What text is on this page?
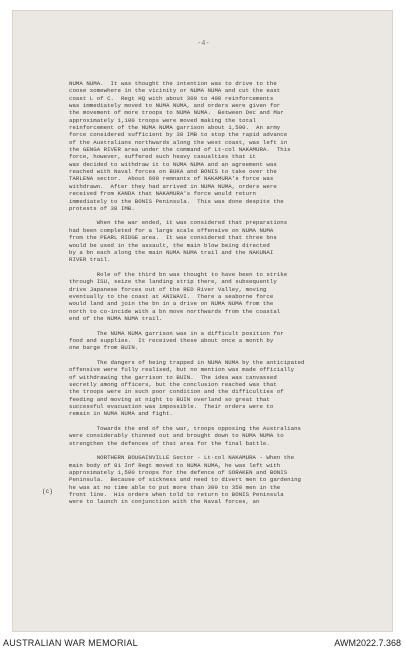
-4-

NUMA NUMA.  It was thought the intention was to drive to the
coose somewhere in the vicinity or NUMA NUMA and cut the east
coast L of C.  Regt HQ with about 300 to 400 reinforcements
was immediately moved to NUMA NUMA, and orders were given for
the movement of more troops to NUMA NUMA.  Between Dec and Mar
approximately 1,100 troops were moved making the total
reinforcement of the NUMA NUMA garrison about 1,500.  An army
force considered sufficient by 38 IMB to stop the rapid advance
of the Australians northwards along the west coast, was left in
the GENGA RIVER area under the command of Lt-col NAKAMURA.  This
force, however, suffered such heavy casualties that it
was decided to withdraw it to NUMA NUMA and an agreement was
reached with Naval forces on BUKA and BONIS to take over the
TARLENA sector.  About 600 remnants of NAKAMURA's force was
withdrawn.  After they had arrived in NUMA NUMA, orders were
received from KANDA that NAKAMURA's force would return
immediately to the BONIS Peninsula.  This was done despite the
protests of 38 IMB.

When the war ended, it was considered that preparations
had been completed for a large scale offensive on NUMA NUMA
from the PEARL RIDGE area.  It was considered that three bns
would be used in the assault, the main blow being directed
by a bn each along the main NUMA NUMA trail and the NAKUNAI
RIVER trail.

Role of the third bn was thought to have been to strike
through ISU, seize the landing strip there, and subsequently
drive Japanese forces out of the RED River Valley, moving
eventually to the coast at ANIWAVI.  There a seaborne force
would land and join the bn in a drive on NUMA NUMA from the
north to co-incide with a bn move northwards from the coastal
end of the NUMA NUMA trail.

The NUMA NUMA garrison was in a difficult position for
food and supplies.  It received these about once a month by
one barge from BUIN.

The dangers of being trapped in NUMA NUMA by the anticipated
offensive were fully realised, but no mention was made officially
of withdrawing the garrison to BUIN.  The idea was canvassed
secretly among officers, but the conclusion reached was that
the troops were in such poor condition and the difficulties of
feeding and moving at night to BUIN overland so great that
successful evacuation was impossible.  Their orders were to
remain in NUMA NUMA and fight.

Towards the end of the war, troops opposing the Australians
were considerably thinned out and brought down to NUMA NUMA to
strengthen the defences of that area for the final battle.

NORTHERN BOUGAINVILLE Sector - Lt-col NAKAMURA - When the
main body of 81 Inf Regt moved to NUMA NUMA, he was left with
approximately 1,500 troops for the defence of SORAKEN and BONIS
Peninsula.  Because of sickness and need to divert men to gardening
he was at no time able to put more than 300 to 350 men in the
front line.  His orders when told to return to BONIS Peninsula
were to launch in conjunction with the Naval forces, an

(c)
AUSTRALIAN WAR MEMORIAL	AWM2022.7.368
